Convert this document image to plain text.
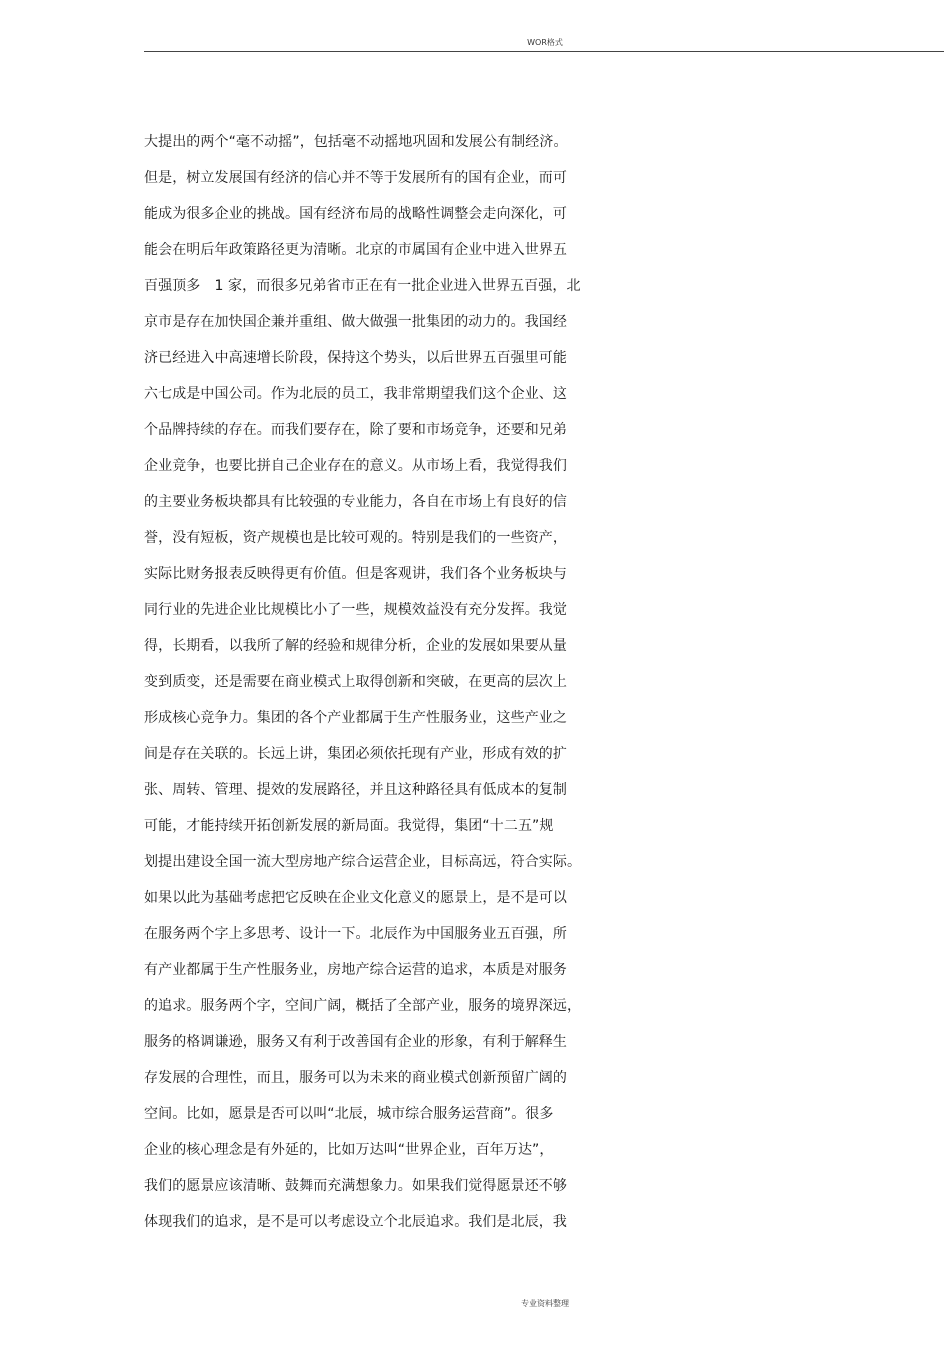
WOR格式
大提出的两个“毫不动摇”，包括毫不动摇地巩固和发展公有制经济。
但是，树立发展国有经济的信心并不等于发展所有的国有企业，而可
能成为很多企业的挑战。国有经济布局的战略性调整会走向深化，可
能会在明后年政策路径更为清晰。北京的市属国有企业中进入世界五
百强顶多　1 家，而很多兄弟省市正在有一批企业进入世界五百强，北
京市是存在加快国企兼并重组、做大做强一批集团的动力的。我国经
济已经进入中高速增长阶段，保持这个势头，以后世界五百强里可能
六七成是中国公司。作为北辰的员工，我非常期望我们这个企业、这
个品牌持续的存在。而我们要存在，除了要和市场竞争，还要和兄弟
企业竞争，也要比拼自己企业存在的意义。从市场上看，我觉得我们
的主要业务板块都具有比较强的专业能力，各自在市场上有良好的信
誉，没有短板，资产规模也是比较可观的。特别是我们的一些资产，
实际比财务报表反映得更有价值。但是客观讲，我们各个业务板块与
同行业的先进企业比规模比小了一些，规模效益没有充分发挥。我觉
得，长期看，以我所了解的经验和规律分析，企业的发展如果要从量
变到质变，还是需要在商业模式上取得创新和突破，在更高的层次上
形成核心竞争力。集团的各个产业都属于生产性服务业，这些产业之
间是存在关联的。长远上讲，集团必须依托现有产业，形成有效的扩
张、周转、管理、提效的发展路径，并且这种路径具有低成本的复制
可能，才能持续开拓创新发展的新局面。我觉得，集团“十二五”规
划提出建设全国一流大型房地产综合运营企业，目标高远，符合实际。
如果以此为基础考虑把它反映在企业文化意义的愿景上，是不是可以
在服务两个字上多思考、设计一下。北辰作为中国服务业五百强，所
有产业都属于生产性服务业，房地产综合运营的追求，本质是对服务
的追求。服务两个字，空间广阔，概括了全部产业，服务的境界深远，
服务的格调谦逊，服务又有利于改善国有企业的形象，有利于解释生
存发展的合理性，而且，服务可以为未来的商业模式创新预留广阔的
空间。比如，愿景是否可以叫“北辰，城市综合服务运营商”。很多
企业的核心理念是有外延的，比如万达叫“世界企业，百年万达”，
我们的愿景应该清晰、鼓舞而充满想象力。如果我们觉得愿景还不够
体现我们的追求，是不是可以考虑设立个北辰追求。我们是北辰，我
专业资料整理
